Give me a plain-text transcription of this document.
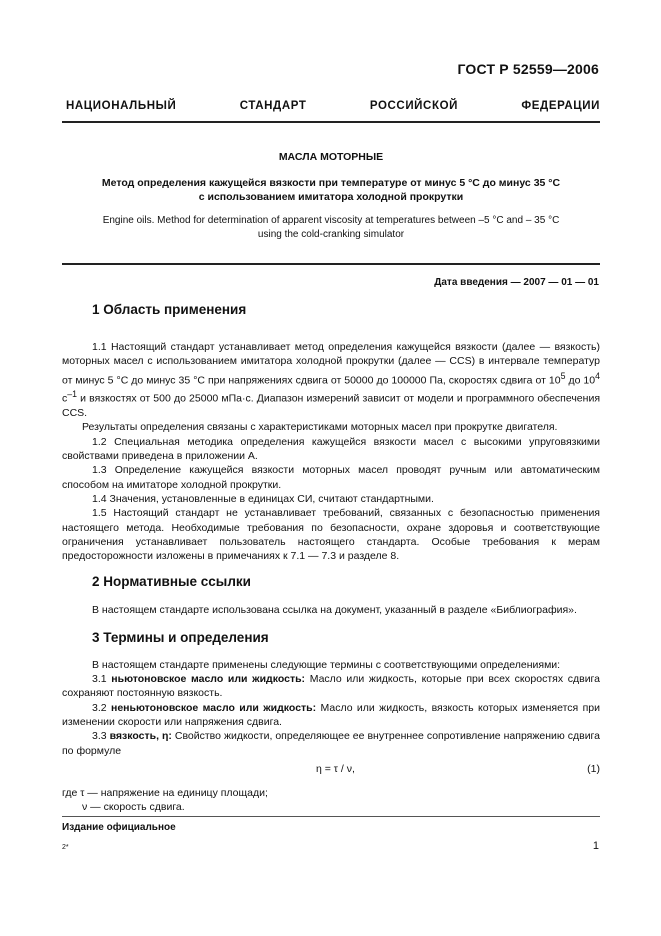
ГОСТ Р 52559—2006
НАЦИОНАЛЬНЫЙ СТАНДАРТ РОССИЙСКОЙ ФЕДЕРАЦИИ
МАСЛА МОТОРНЫЕ
Метод определения кажущейся вязкости при температуре от минус 5 °С до минус 35 °С
с использованием имитатора холодной прокрутки
Engine oils. Method for determination of apparent viscosity at temperatures between –5 °C and – 35 °C
using the cold-cranking simulator
Дата введения — 2007 — 01 — 01
1 Область применения

1.1 Настоящий стандарт устанавливает метод определения кажущейся вязкости (далее — вязкость) моторных масел с использованием имитатора холодной прокрутки (далее — CCS) в интервале температур от минус 5 °С до минус 35 °С при напряжениях сдвига от 50000 до 100000 Па, скоростях сдвига от $10^5$ до $10^4$ $с^{-1}$ и вязкостях от 500 до 25000 мПа·с. Диапазон измерений зависит от модели и программного обеспечения CCS.

Результаты определения связаны с характеристиками моторных масел при прокрутке двигателя.

1.2 Специальная методика определения кажущейся вязкости масел с высокими упруговязкими свойствами приведена в приложении А.

1.3 Определение кажущейся вязкости моторных масел проводят ручным или автоматическим способом на имитаторе холодной прокрутки.

1.4 Значения, установленные в единицах СИ, считают стандартными.

1.5 Настоящий стандарт не устанавливает требований, связанных с безопасностью применения настоящего метода. Необходимые требования по безопасности, охране здоровья и соответствующие ограничения устанавливает пользователь настоящего стандарта. Особые требования к мерам предосторожности изложены в примечаниях к 7.1 — 7.3 и разделе 8.

2 Нормативные ссылки

В настоящем стандарте использована ссылка на документ, указанный в разделе «Библиография».

3 Термины и определения

В настоящем стандарте применены следующие термины с соответствующими определениями:

3.1 ньютоновское масло или жидкость: Масло или жидкость, которые при всех скоростях сдвига сохраняют постоянную вязкость.

3.2 неньютоновское масло или жидкость: Масло или жидкость, вязкость которых изменяется при изменении скорости или напряжения сдвига.

3.3 вязкость, η: Свойство жидкости, определяющее ее внутреннее сопротивление напряжению сдвига по формуле

η = τ / ν,	(1)

где τ — напряжение на единицу площади;

ν — скорость сдвига.

Издание официальное
2*	1
